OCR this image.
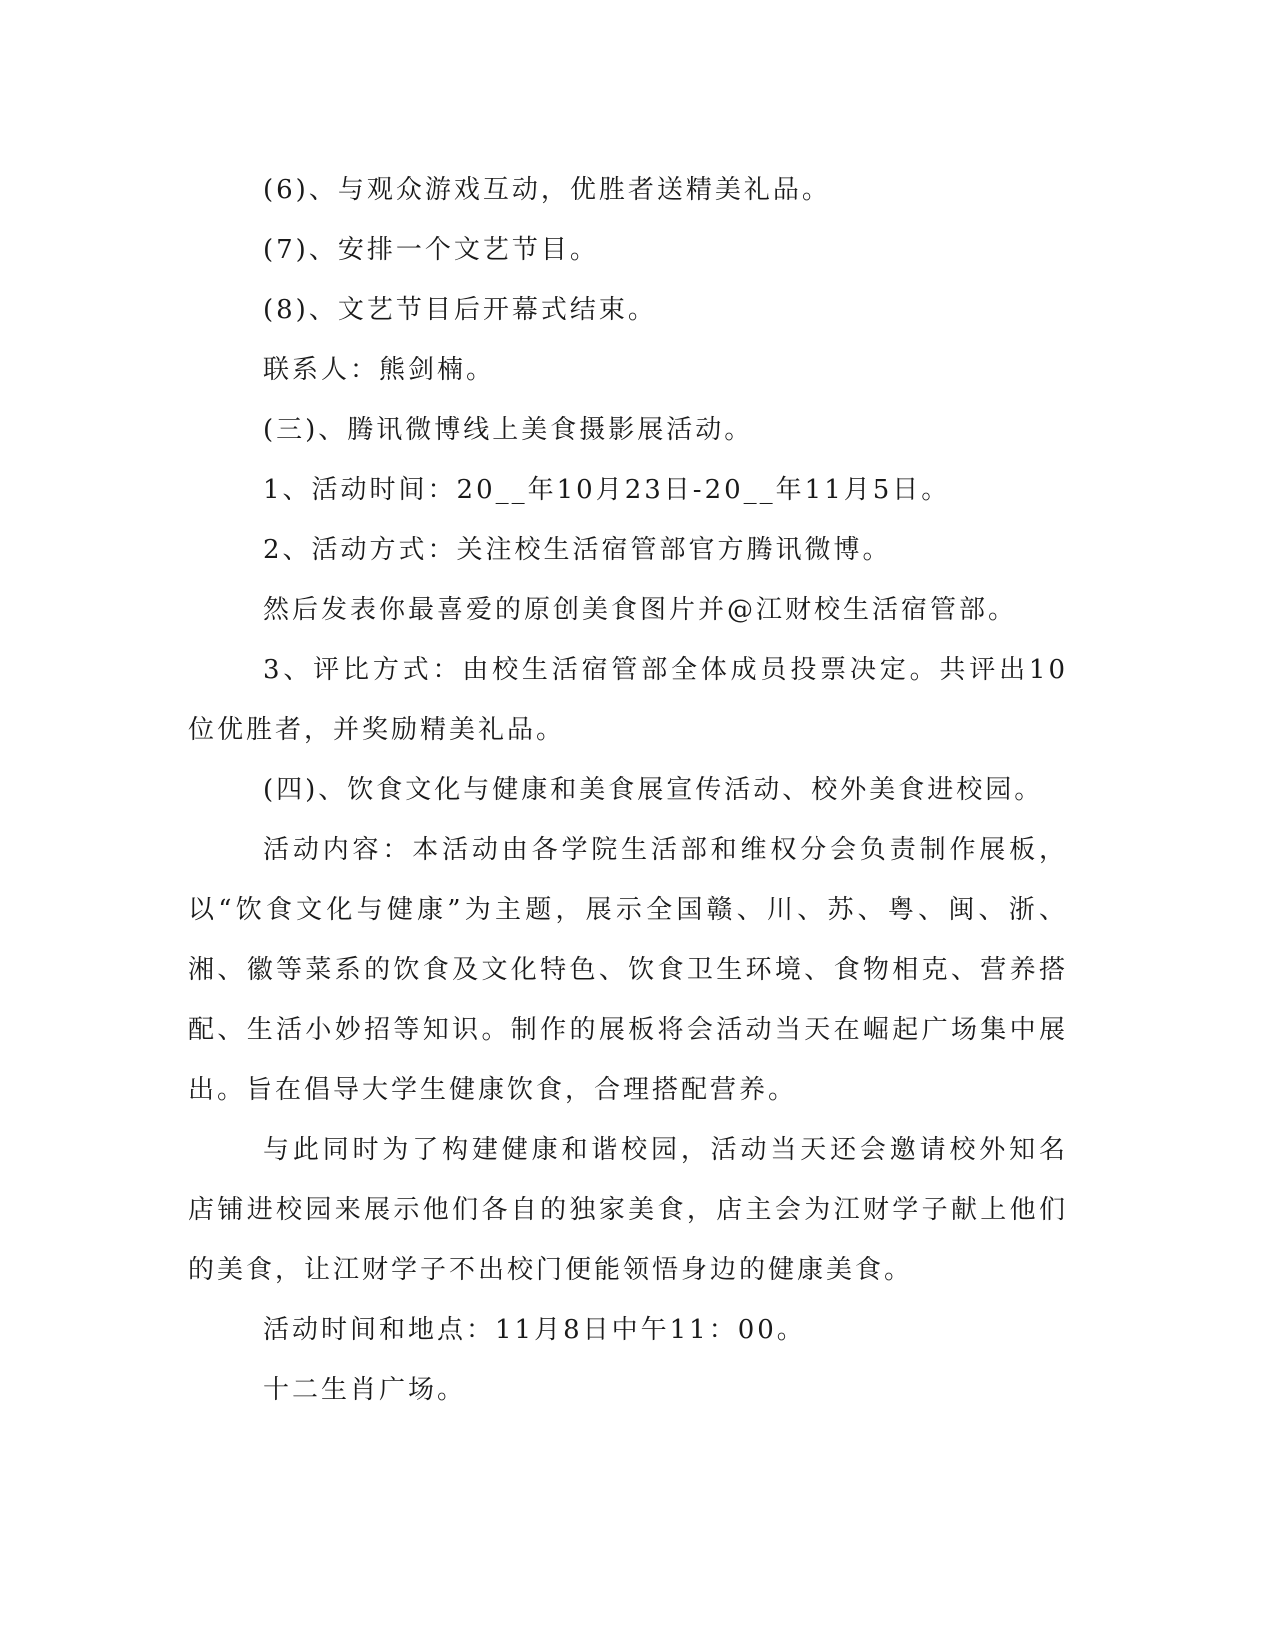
(6)、与观众游戏互动，优胜者送精美礼品。

(7)、安排一个文艺节目。

(8)、文艺节目后开幕式结束。

联系人：熊剑楠。

(三)、腾讯微博线上美食摄影展活动。

1、活动时间：20__年10月23日-20__年11月5日。

2、活动方式：关注校生活宿管部官方腾讯微博。

然后发表你最喜爱的原创美食图片并@江财校生活宿管部。

3、评比方式：由校生活宿管部全体成员投票决定。共评出10位优胜者，并奖励精美礼品。

(四)、饮食文化与健康和美食展宣传活动、校外美食进校园。

活动内容：本活动由各学院生活部和维权分会负责制作展板，以“饮食文化与健康”为主题，展示全国赣、川、苏、粤、闽、浙、湘、徽等菜系的饮食及文化特色、饮食卫生环境、食物相克、营养搭配、生活小妙招等知识。制作的展板将会活动当天在崛起广场集中展出。旨在倡导大学生健康饮食，合理搭配营养。

与此同时为了构建健康和谐校园，活动当天还会邀请校外知名店铺进校园来展示他们各自的独家美食，店主会为江财学子献上他们的美食，让江财学子不出校门便能领悟身边的健康美食。

活动时间和地点：11月8日中午11：00。

十二生肖广场。
